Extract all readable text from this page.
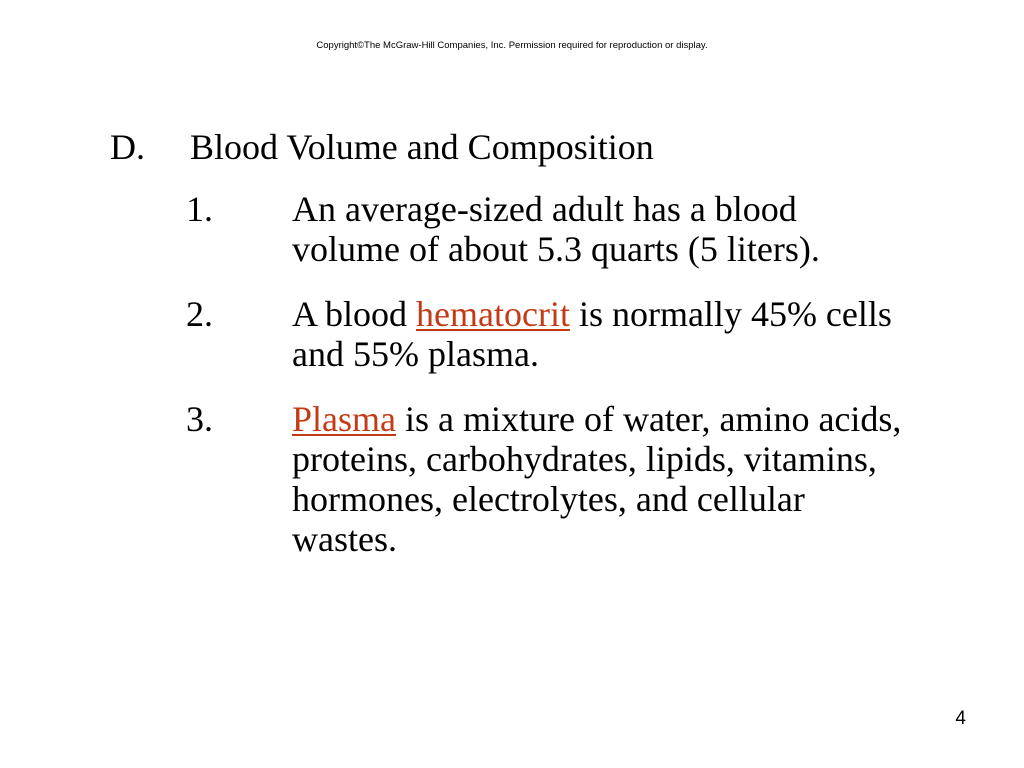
Copyright©The McGraw-Hill Companies, Inc. Permission required for reproduction or display.
D. Blood Volume and Composition
1. An average-sized adult has a blood volume of about 5.3 quarts (5 liters).
2. A blood hematocrit is normally 45% cells and 55% plasma.
3. Plasma is a mixture of water, amino acids, proteins, carbohydrates, lipids, vitamins, hormones, electrolytes, and cellular wastes.
4
